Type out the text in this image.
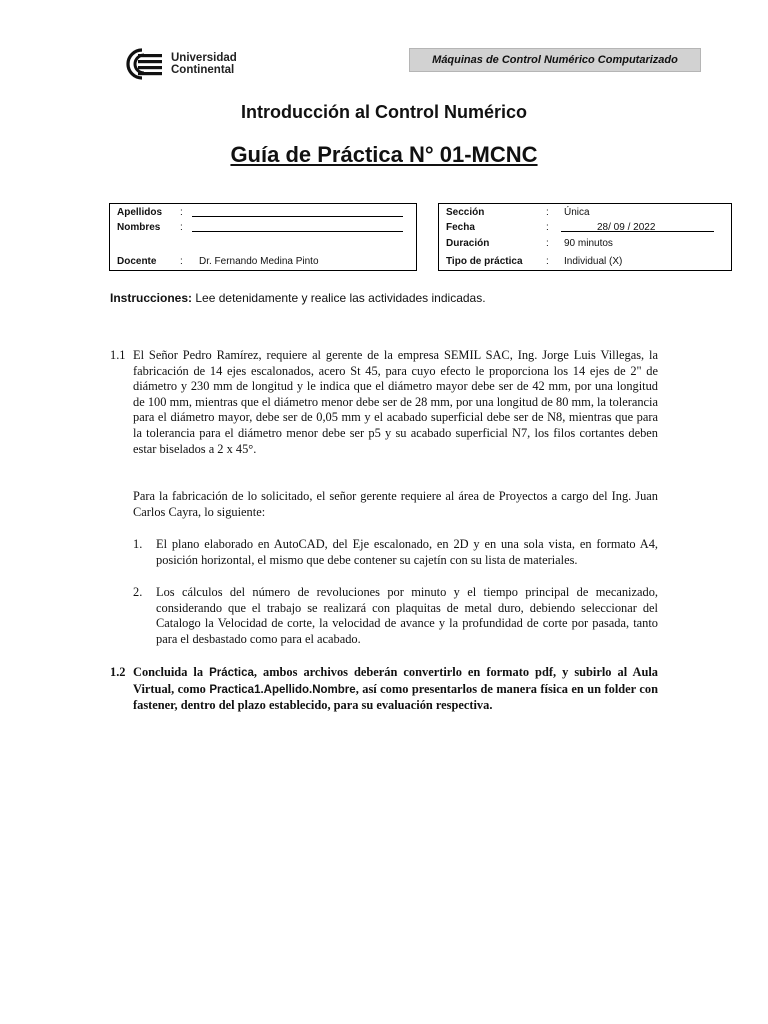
Universidad
Continental
Máquinas de Control Numérico Computarizado
Introducción al Control Numérico
Guía de Práctica N° 01-MCNC
Apellidos :
Nombres :
Docente : Dr. Fernando Medina Pinto
Sección	: Única
Fecha	:	28/ 09 / 2022
Duración	: 90 minutos
Tipo de práctica : Individual (X)
Instrucciones: Lee detenidamente y realice las actividades indicadas.
1.1 El Señor Pedro Ramírez, requiere al gerente de la empresa SEMIL SAC, Ing. Jorge Luis Villegas, la fabricación de 14 ejes escalonados, acero St 45, para cuyo efecto le proporciona los 14 ejes de 2" de diámetro y 230 mm de longitud y le indica que el diámetro mayor debe ser de 42 mm, por una longitud de 100 mm, mientras que el diámetro menor debe ser de 28 mm, por una longitud de 80 mm, la tolerancia para el diámetro mayor, debe ser de 0,05 mm y el acabado superficial debe ser de N8, mientras que para la tolerancia para el diámetro menor debe ser p5 y su acabado superficial N7, los filos cortantes deben estar biselados a 2 x 45°.
Para la fabricación de lo solicitado, el señor gerente requiere al área de Proyectos a cargo del Ing. Juan Carlos Cayra, lo siguiente:
1. El plano elaborado en AutoCAD, del Eje escalonado, en 2D y en una sola vista, en formato A4, posición horizontal, el mismo que debe contener su cajetín con su lista de materiales.
2. Los cálculos del número de revoluciones por minuto y el tiempo principal de mecanizado, considerando que el trabajo se realizará con plaquitas de metal duro, debiendo seleccionar del Catalogo la Velocidad de corte, la velocidad de avance y la profundidad de corte por pasada, tanto para el desbastado como para el acabado.
1.2 Concluida la Práctica, ambos archivos deberán convertirlo en formato pdf, y subirlo al Aula Virtual, como Practica1.Apellido.Nombre, así como presentarlos de manera física en un folder con fastener, dentro del plazo establecido, para su evaluación respectiva.
